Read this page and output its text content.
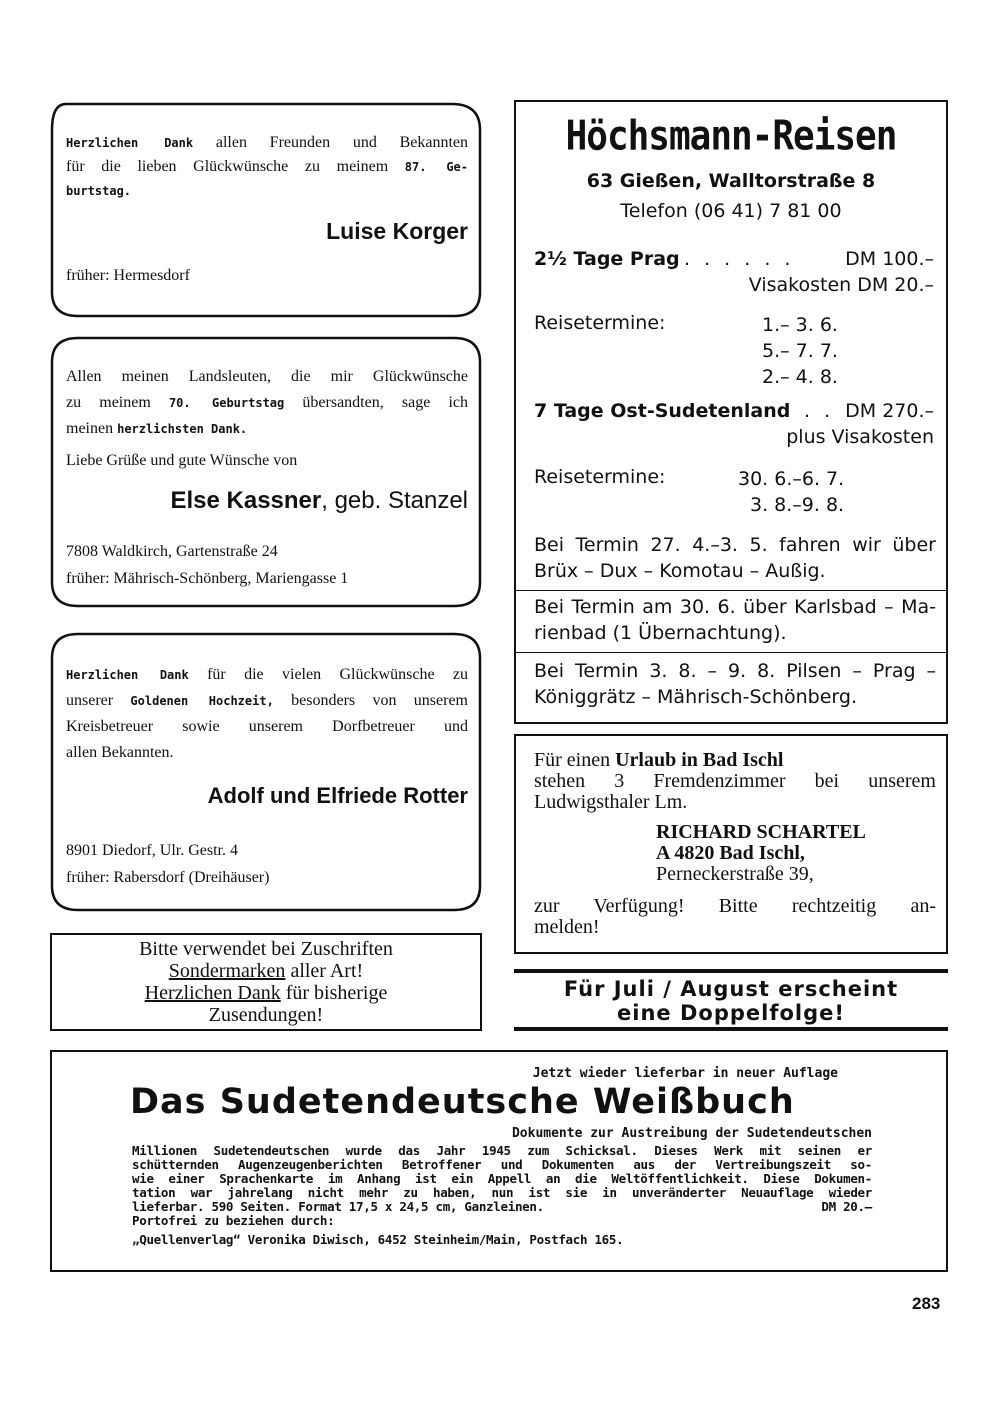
Herzlichen Dank allen Freunden und Bekannten
für die lieben Glückwünsche zu meinem 87. Ge-
burtstag.
Luise Korger
früher: Hermesdorf
Allen meinen Landsleuten, die mir Glückwünsche
zu meinem 70. Geburtstag übersandten, sage ich
meinen herzlichsten Dank.
Liebe Grüße und gute Wünsche von
Else Kassner, geb. Stanzel
7808 Waldkirch, Gartenstraße 24
früher: Mährisch-Schönberg, Mariengasse 1
Herzlichen Dank für die vielen Glückwünsche zu
unserer Goldenen Hochzeit, besonders von unserem
Kreisbetreuer sowie unserem Dorfbetreuer und
allen Bekannten.
Adolf und Elfriede Rotter
8901 Diedorf, Ulr. Gestr. 4
früher: Rabersdorf (Dreihäuser)
Bitte verwendet bei Zuschriften
Sondermarken aller Art!
Herzlichen Dank für bisherige
Zusendungen!
Höchsmann-Reisen
63 Gießen, Walltorstraße 8
Telefon (06 41) 7 81 00
2½ Tage Prag . . . . . .	DM 100.–
Visakosten DM 20.–
Reisetermine:	1.– 3. 6.
5.– 7. 7.
2.– 4. 8.
7 Tage Ost-Sudetenland . . DM 270.–
plus Visakosten
Reisetermine:	30. 6.–6. 7.
3. 8.–9. 8.
Bei Termin 27. 4.–3. 5. fahren wir über
Brüx – Dux – Komotau – Außig.
Bei Termin am 30. 6. über Karlsbad – Ma-
rienbad (1 Übernachtung).
Bei Termin 3. 8. – 9. 8. Pilsen – Prag –
Königgrätz – Mährisch-Schönberg.
Für einen Urlaub in Bad Ischl
stehen 3 Fremdenzimmer bei unserem
Ludwigsthaler Lm.
RICHARD SCHARTEL
A 4820 Bad Ischl,
Perneckerstraße 39,
zur Verfügung! Bitte rechtzeitig an-
melden!
Für Juli / August erscheint
eine Doppelfolge!
Jetzt wieder lieferbar in neuer Auflage
Das Sudetendeutsche Weißbuch
Dokumente zur Austreibung der Sudetendeutschen
Millionen Sudetendeutschen wurde das Jahr 1945 zum Schicksal. Dieses Werk mit seinen er
schütternden Augenzeugenberichten Betroffener und Dokumenten aus der Vertreibungszeit so-
wie einer Sprachenkarte im Anhang ist ein Appell an die Weltöffentlichkeit. Diese Dokumen-
tation war jahrelang nicht mehr zu haben, nun ist sie in unveränderter Neuauflage wieder
lieferbar. 590 Seiten. Format 17,5 x 24,5 cm, Ganzleinen.	DM 20.–
Portofrei zu beziehen durch:
„Quellenverlag“ Veronika Diwisch, 6452 Steinheim/Main, Postfach 165.
283
